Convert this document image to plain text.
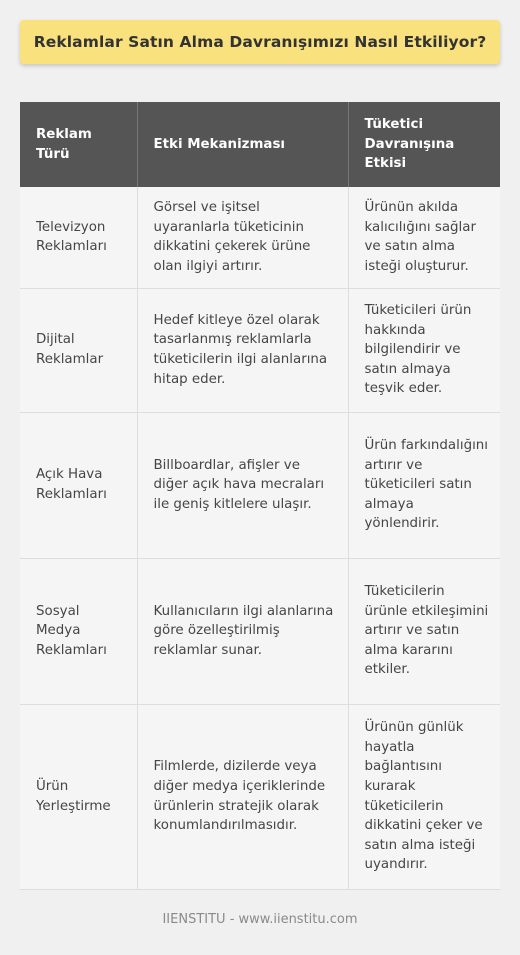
Reklamlar Satın Alma Davranışımızı Nasıl Etkiliyor?
Reklam Türü	Etki Mekanizması	Tüketici Davranışına Etkisi
Televizyon Reklamları	Görsel ve işitsel uyaranlarla tüketicinin dikkatini çekerek ürüne olan ilgiyi artırır.	Ürünün akılda kalıcılığını sağlar ve satın alma isteği oluşturur.
Dijital Reklamlar	Hedef kitleye özel olarak tasarlanmış reklamlarla tüketicilerin ilgi alanlarına hitap eder.	Tüketicileri ürün hakkında bilgilendirir ve satın almaya teşvik eder.
Açık Hava Reklamları	Billboardlar, afişler ve diğer açık hava mecraları ile geniş kitlelere ulaşır.	Ürün farkındalığını artırır ve tüketicileri satın almaya yönlendirir.
Sosyal Medya Reklamları	Kullanıcıların ilgi alanlarına göre özelleştirilmiş reklamlar sunar.	Tüketicilerin ürünle etkileşimini artırır ve satın alma kararını etkiler.
Ürün Yerleştirme	Filmlerde, dizilerde veya diğer medya içeriklerinde ürünlerin stratejik olarak konumlandırılmasıdır.	Ürünün günlük hayatla bağlantısını kurarak tüketicilerin dikkatini çeker ve satın alma isteği uyandırır.
IIENSTITU - www.iienstitu.com
